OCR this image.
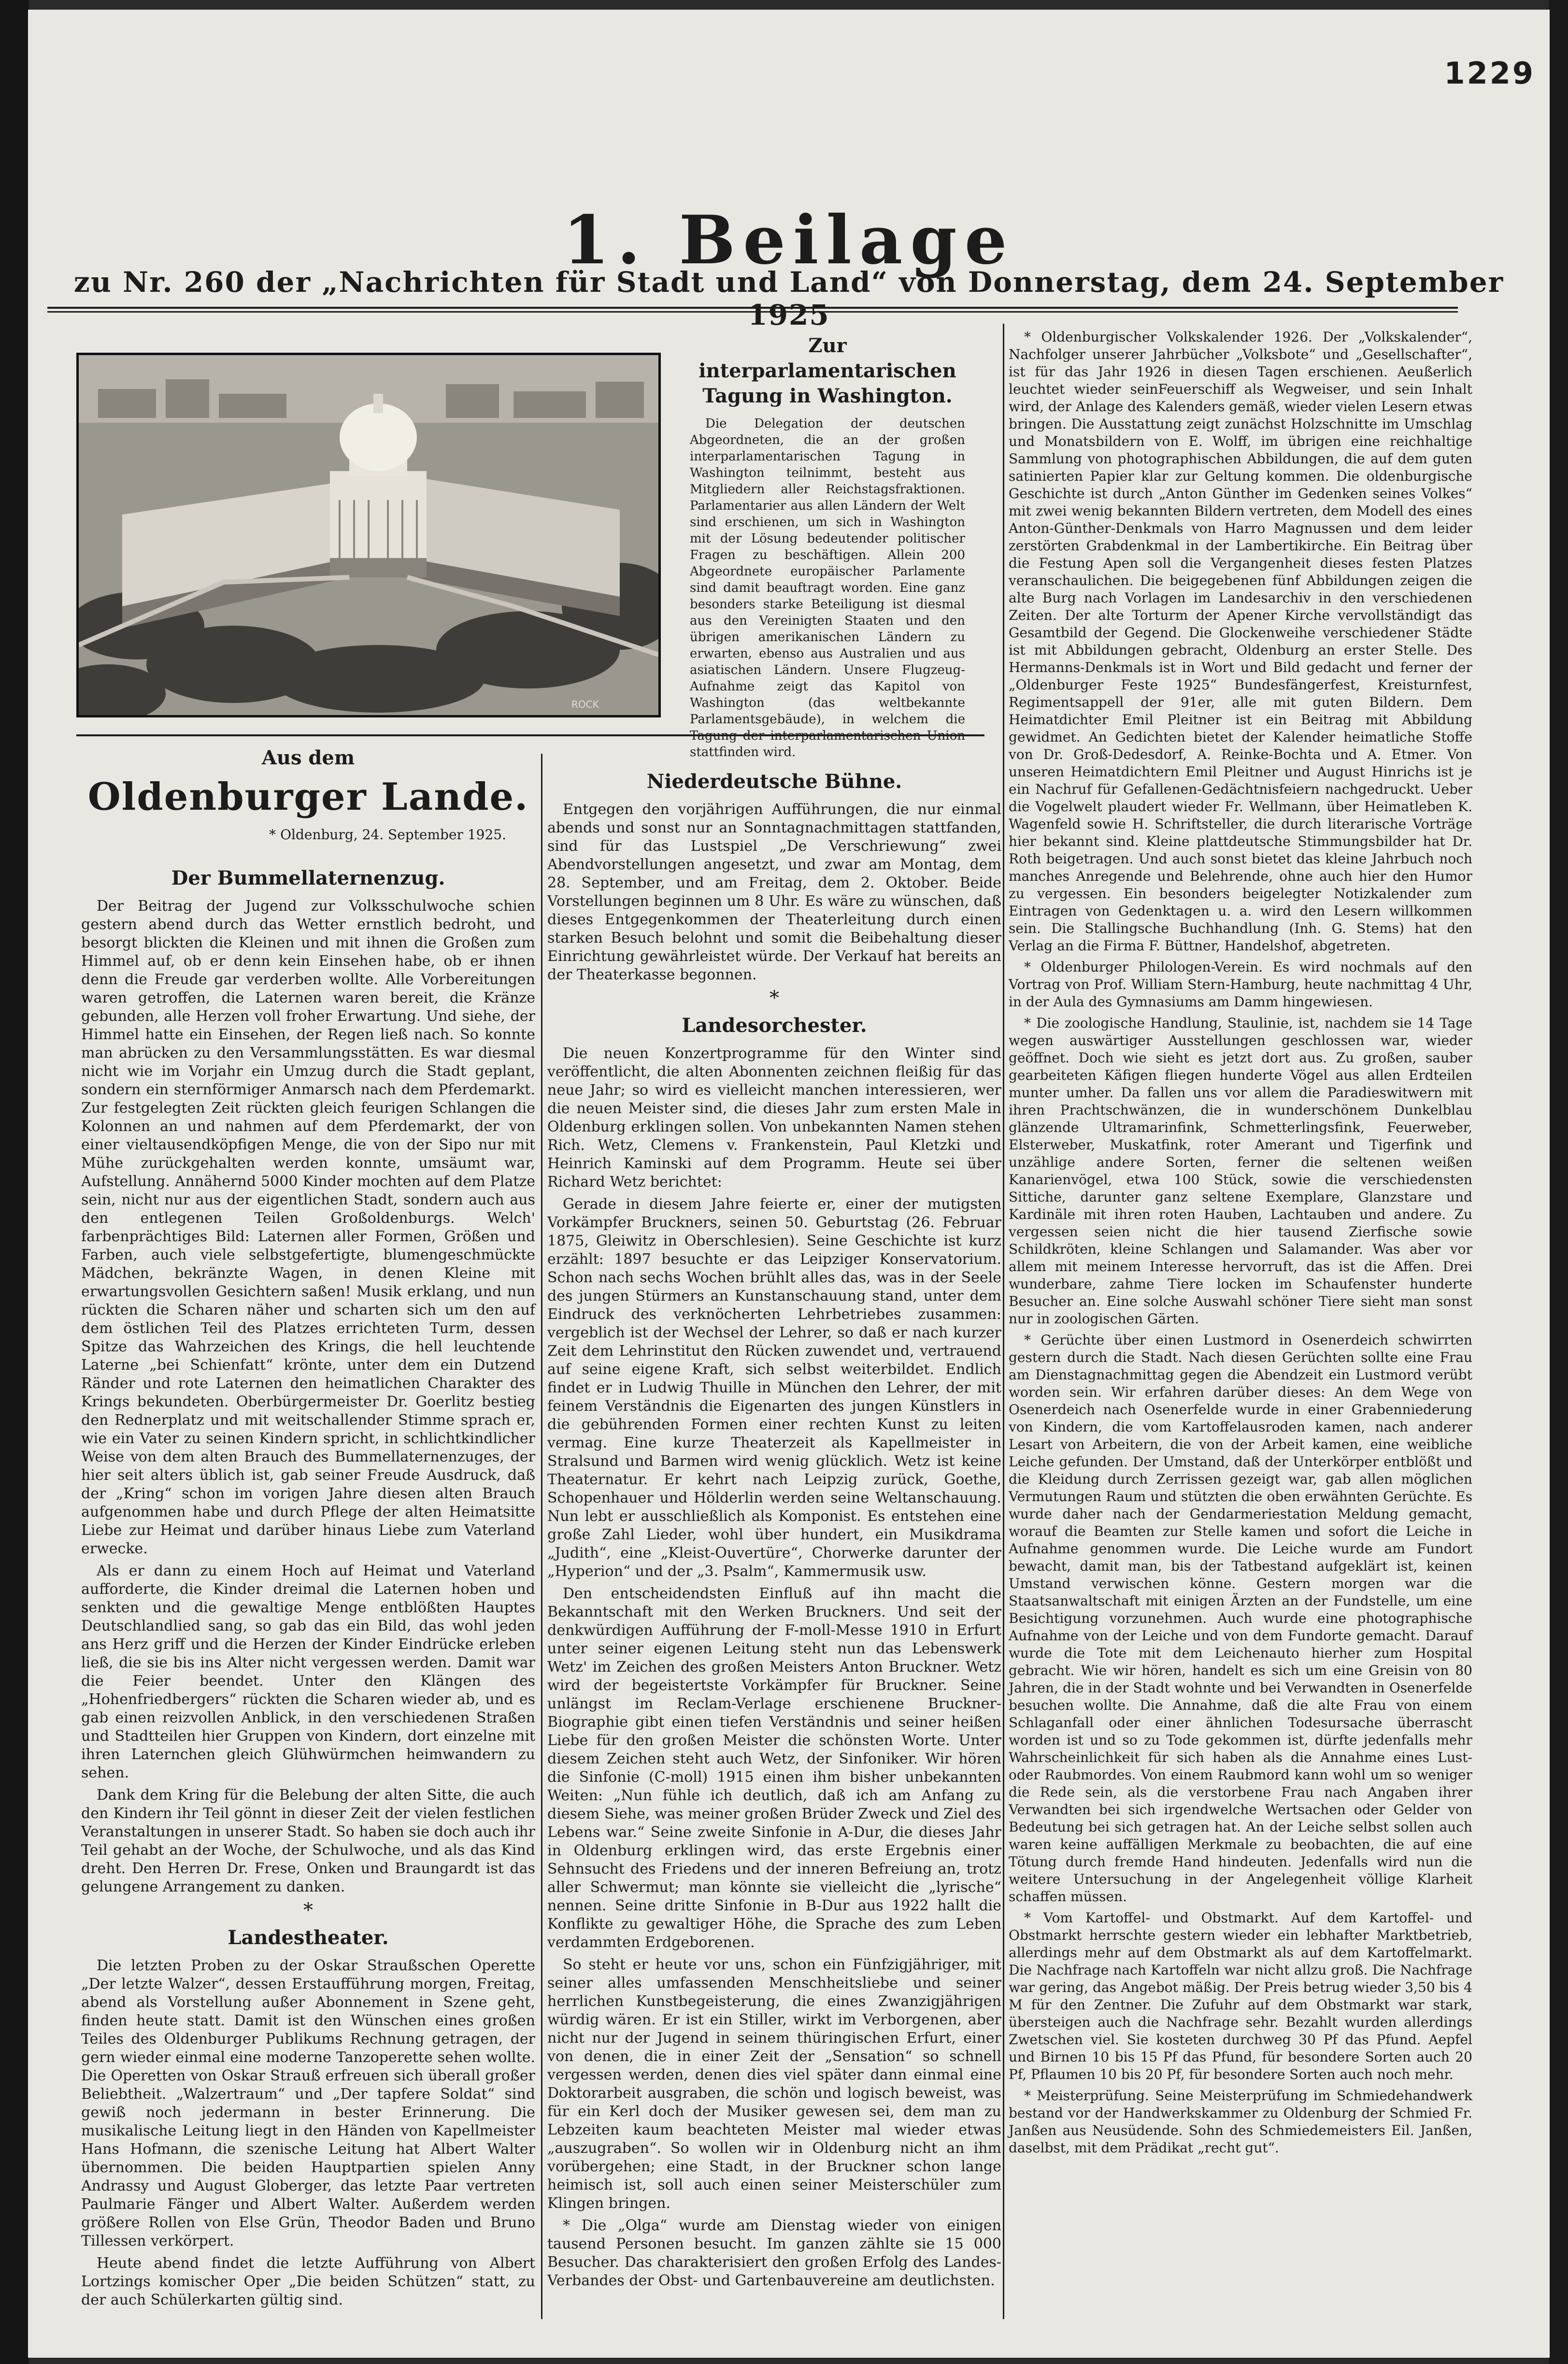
1229
1. Beilage
zu Nr. 260 der „Nachrichten für Stadt und Land“ von Donnerstag, dem 24. September 1925
ROCK
Zur interparlamentarischen Tagung in Washington.

Die Delegation der deutschen Abgeordneten, die an der großen interparlamentarischen Tagung in Washington teilnimmt, besteht aus Mitgliedern aller Reichstagsfraktionen. Parlamentarier aus allen Ländern der Welt sind erschienen, um sich in Washington mit der Lösung bedeutender politischer Fragen zu beschäftigen. Allein 200 Abgeordnete europäischer Parlamente sind damit beauftragt worden. Eine ganz besonders starke Beteiligung ist diesmal aus den Vereinigten Staaten und den übrigen amerikanischen Ländern zu erwarten, ebenso aus Australien und aus asiatischen Ländern. Unsere Flugzeug-Aufnahme zeigt das Kapitol von Washington (das weltbekannte Parlamentsgebäude), in welchem die stattfinden wird.

Aus dem
Oldenburger Lande.
* Oldenburg, 24. September 1925.
Der Bummellaternenzug.

Der Beitrag der Jugend zur Volksschulwoche schien gestern abend durch das Wetter ernstlich bedroht, und besorgt blickten die Kleinen und mit ihnen die Großen zum Himmel auf, ob er denn kein Einsehen habe, ob er ihnen denn die Freude gar verderben wollte. Alle Vorbereitungen waren getroffen, die Laternen waren bereit, die Kränze gebunden, alle Herzen voll froher Erwartung. Und siehe, der Himmel hatte ein Einsehen, der Regen ließ nach. So konnte man abrücken zu den Versammlungsstätten. Es war diesmal nicht wie im Vorjahr ein Umzug durch die Stadt geplant, sondern ein sternförmiger Anmarsch nach dem Pferdemarkt. Zur festgelegten Zeit rückten gleich feurigen Schlangen die Kolonnen an und nahmen auf dem Pferdemarkt, der von einer vieltausendköpfigen Menge, die von der Sipo nur mit Mühe zurückgehalten werden konnte, umsäumt war, Aufstellung. Annähernd 5000 Kinder mochten auf dem Platze sein, nicht nur aus der eigentlichen Stadt, sondern auch aus den entlegenen Teilen Großoldenburgs. Welch' farbenprächtiges Bild: Laternen aller Formen, Größen und Farben, auch viele selbstgefertigte, blumengeschmückte Mädchen, bekränzte Wagen, in denen Kleine mit erwartungsvollen Gesichtern saßen! Musik erklang, und nun rückten die Scharen näher und scharten sich um den auf dem östlichen Teil des Platzes errichteten Turm, dessen Spitze das Wahrzeichen des Krings, die hell leuchtende Laterne „bei Schienfatt“ krönte, unter dem ein Dutzend Ränder und rote Laternen den heimatlichen Charakter des Krings bekundeten. Oberbürgermeister Dr. Goerlitz bestieg den Rednerplatz und mit weitschallender Stimme sprach er, wie ein Vater zu seinen Kindern spricht, in schlichtkindlicher Weise von dem alten Brauch des Bummellaternenzuges, der hier seit alters üblich ist, gab seiner Freude Ausdruck, daß der „Kring“ schon im vorigen Jahre diesen alten Brauch aufgenommen habe und durch Pflege der alten Heimatsitte Liebe zur Heimat und darüber hinaus Liebe zum Vaterland erwecke.

Als er dann zu einem Hoch auf Heimat und Vaterland aufforderte, die Kinder dreimal die Laternen hoben und senkten und die gewaltige Menge entblößten Hauptes Deutschlandlied sang, so gab das ein Bild, das wohl jeden ans Herz griff und die Herzen der Kinder Eindrücke erleben ließ, die sie bis ins Alter nicht vergessen werden. Damit war die Feier beendet. Unter den Klängen des „Hohenfriedbergers“ rückten die Scharen wieder ab, und es gab einen reizvollen Anblick, in den verschiedenen Straßen und Stadtteilen hier Gruppen von Kindern, dort einzelne mit ihren Laternchen gleich Glühwürmchen heimwandern zu sehen.

Dank dem Kring für die Belebung der alten Sitte, die auch den Kindern ihr Teil gönnt in dieser Zeit der vielen festlichen Veranstaltungen in unserer Stadt. So haben sie doch auch ihr Teil gehabt an der Woche, der Schulwoche, und als das Kind dreht. Den Herren Dr. Frese, Onken und Braungardt ist das gelungene Arrangement zu danken.

*
Landestheater.

Die letzten Proben zu der Oskar Straußschen Operette „Der letzte Walzer“, dessen Erstaufführung morgen, Freitag, abend als Vorstellung außer Abonnement in Szene geht, finden heute statt. Damit ist den Wünschen eines großen Teiles des Oldenburger Publikums Rechnung getragen, der gern wieder einmal eine moderne Tanzoperette sehen wollte. Die Operetten von Oskar Strauß erfreuen sich überall großer Beliebtheit. „Walzertraum“ und „Der tapfere Soldat“ sind gewiß noch jedermann in bester Erinnerung. Die musikalische Leitung liegt in den Händen von Kapellmeister Hans Hofmann, die szenische Leitung hat Albert Walter übernommen. Die beiden Hauptpartien spielen Anny Andrassy und August Globerger, das letzte Paar vertreten Paulmarie Fänger und Albert Walter. Außerdem werden größere Rollen von Else Grün, Theodor Baden und Bruno Tillessen verkörpert.

Heute abend findet die letzte Aufführung von Albert Lortzings komischer Oper „Die beiden Schützen“ statt, zu der auch Schülerkarten gültig sind.

Niederdeutsche Bühne.

Entgegen den vorjährigen Aufführungen, die nur einmal abends und sonst nur an Sonntagnachmittagen stattfanden, sind für das Lustspiel „De Verschriewung“ zwei Abendvorstellungen angesetzt, und zwar am Montag, dem 28. September, und am Freitag, dem 2. Oktober. Beide Vorstellungen beginnen um 8 Uhr. Es wäre zu wünschen, daß dieses Entgegenkommen der Theaterleitung durch einen starken Besuch belohnt und somit die Beibehaltung dieser Einrichtung gewährleistet würde. Der Verkauf hat bereits an der Theaterkasse begonnen.

*
Landesorchester.

Die neuen Konzertprogramme für den Winter sind veröffentlicht, die alten Abonnenten zeichnen fleißig für das neue Jahr; so wird es vielleicht manchen interessieren, wer die neuen Meister sind, die dieses Jahr zum ersten Male in Oldenburg erklingen sollen. Von unbekannten Namen stehen Rich. Wetz, Clemens v. Frankenstein, Paul Kletzki und Heinrich Kaminski auf dem Programm. Heute sei über Richard Wetz berichtet:

Gerade in diesem Jahre feierte er, einer der mutigsten Vorkämpfer Bruckners, seinen 50. Geburtstag (26. Februar 1875, Gleiwitz in Oberschlesien). Seine Geschichte ist kurz erzählt: 1897 besuchte er das Leipziger Konservatorium. Schon nach sechs Wochen brühlt alles das, was in der Seele des jungen Stürmers an Kunstanschauung stand, unter dem Eindruck des verknöcherten Lehrbetriebes zusammen: vergeblich ist der Wechsel der Lehrer, so daß er nach kurzer Zeit dem Lehrinstitut den Rücken zuwendet und, vertrauend auf seine eigene Kraft, sich selbst weiterbildet. Endlich findet er in Ludwig Thuille in München den Lehrer, der mit feinem Verständnis die Eigenarten des jungen Künstlers in die gebührenden Formen einer rechten Kunst zu leiten vermag. Eine kurze Theaterzeit als Kapellmeister in Stralsund und Barmen wird wenig glücklich. Wetz ist keine Theaternatur. Er kehrt nach Leipzig zurück, Goethe, Schopenhauer und Hölderlin werden seine Weltanschauung. Nun lebt er ausschließlich als Komponist. Es entstehen eine große Zahl Lieder, wohl über hundert, ein Musikdrama „Judith“, eine „Kleist-Ouvertüre“, Chorwerke darunter der „Hyperion“ und der „3. Psalm“, Kammermusik usw.

Den entscheidendsten Einfluß auf ihn macht die Bekanntschaft mit den Werken Bruckners. Und seit der denkwürdigen Aufführung der F-moll-Messe 1910 in Erfurt unter seiner eigenen Leitung steht nun das Lebenswerk Wetz' im Zeichen des großen Meisters Anton Bruckner. Wetz wird der begeistertste Vorkämpfer für Bruckner. Seine unlängst im Reclam-Verlage erschienene Bruckner-Biographie gibt einen tiefen Verständnis und seiner heißen Liebe für den großen Meister die schönsten Worte. Unter diesem Zeichen steht auch Wetz, der Sinfoniker. Wir hören die Sinfonie (C-moll) 1915 einen ihm bisher unbekannten Weiten: „Nun fühle ich deutlich, daß ich am Anfang zu diesem Siehe, was meiner großen Brüder Zweck und Ziel des Lebens war.“ Seine zweite Sinfonie in A-Dur, die dieses Jahr in Oldenburg erklingen wird, das erste Ergebnis einer Sehnsucht des Friedens und der inneren Befreiung an, trotz aller Schwermut; man könnte sie vielleicht die „lyrische“ nennen. Seine dritte Sinfonie in B-Dur aus 1922 hallt die Konflikte zu gewaltiger Höhe, die Sprache des zum Leben verdammten Erdgeborenen.

So steht er heute vor uns, schon ein Fünfzigjähriger, mit seiner alles umfassenden Menschheitsliebe und seiner herrlichen Kunstbegeisterung, die eines Zwanzigjährigen würdig wären. Er ist ein Stiller, wirkt im Verborgenen, aber nicht nur der Jugend in seinem thüringischen Erfurt, einer von denen, die in einer Zeit der „Sensation“ so schnell vergessen werden, denen dies viel später dann einmal eine Doktorarbeit ausgraben, die schön und logisch beweist, was für ein Kerl doch der Musiker gewesen sei, dem man zu Lebzeiten kaum beachteten Meister mal wieder etwas „auszugraben“. So wollen wir in Oldenburg nicht an ihm vorübergehen; eine Stadt, in der Bruckner schon lange heimisch ist, soll auch einen seiner Meisterschüler zum Klingen bringen.

* Die „Olga“ wurde am Dienstag wieder von einigen tausend Personen besucht. Im ganzen zählte sie 15 000 Besucher. Das charakterisiert den großen Erfolg des Landes-Verbandes der Obst- und Gartenbauvereine am deutlichsten.

* Oldenburgischer Volkskalender 1926. Der „Volkskalender“, Nachfolger unserer Jahrbücher „Volksbote“ und „Gesellschafter“, ist für das Jahr 1926 in diesen Tagen erschienen. Aeußerlich leuchtet wieder seinFeuerschiff als Wegweiser, und sein Inhalt wird, der Anlage des Kalenders gemäß, wieder vielen Lesern etwas bringen. Die Ausstattung zeigt zunächst Holzschnitte im Umschlag und Monatsbildern von E. Wolff, im übrigen eine reichhaltige Sammlung von photographischen Abbildungen, die auf dem guten satinierten Papier klar zur Geltung kommen. Die oldenburgische Geschichte ist durch „Anton Günther im Gedenken seines Volkes“ mit zwei wenig bekannten Bildern vertreten, dem Modell des eines Anton-Günther-Denkmals von Harro Magnussen und dem leider zerstörten Grabdenkmal in der Lambertikirche. Ein Beitrag über die Festung Apen soll die Vergangenheit dieses festen Platzes veranschaulichen. Die beigegebenen fünf Abbildungen zeigen die alte Burg nach Vorlagen im Landesarchiv in den verschiedenen Zeiten. Der alte Torturm der Apener Kirche vervollständigt das Gesamtbild der Gegend. Die Glockenweihe verschiedener Städte ist mit Abbildungen gebracht, Oldenburg an erster Stelle. Des Hermanns-Denkmals ist in Wort und Bild gedacht und ferner der „Oldenburger Feste 1925“ Bundesfängerfest, Kreisturnfest, Regimentsappell der 91er, alle mit guten Bildern. Dem Heimatdichter Emil Pleitner ist ein Beitrag mit Abbildung gewidmet. An Gedichten bietet der Kalender heimatliche Stoffe von Dr. Groß-Dedesdorf, A. Reinke-Bochta und A. Etmer. Von unseren Heimatdichtern Emil Pleitner und August Hinrichs ist je ein Nachruf für Gefallenen-Gedächtnisfeiern nachgedruckt. Ueber die Vogelwelt plaudert wieder Fr. Wellmann, über Heimatleben K. Wagenfeld sowie H. Schriftsteller, die durch literarische Vorträge hier bekannt sind. Kleine plattdeutsche Stimmungsbilder hat Dr. Roth beigetragen. Und auch sonst bietet das kleine Jahrbuch noch manches Anregende und Belehrende, ohne auch hier den Humor zu vergessen. Ein besonders beigelegter Notizkalender zum Eintragen von Gedenktagen u. a. wird den Lesern willkommen sein. Die Stallingsche Buchhandlung (Inh. G. Stems) hat den Verlag an die Firma F. Büttner, Handelshof, abgetreten.

* Oldenburger Philologen-Verein. Es wird nochmals auf den Vortrag von Prof. William Stern-Hamburg, heute nachmittag 4 Uhr, in der Aula des Gymnasiums am Damm hingewiesen.

* Die zoologische Handlung, Staulinie, ist, nachdem sie 14 Tage wegen auswärtiger Ausstellungen geschlossen war, wieder geöffnet. Doch wie sieht es jetzt dort aus. Zu großen, sauber gearbeiteten Käfigen fliegen hunderte Vögel aus allen Erdteilen munter umher. Da fallen uns vor allem die Paradieswitwern mit ihren Prachtschwänzen, die in wunderschönem Dunkelblau glänzende Ultramarinfink, Schmetterlingsfink, Feuerweber, Elsterweber, Muskatfink, roter Amerant und Tigerfink und unzählige andere Sorten, ferner die seltenen weißen Kanarienvögel, etwa 100 Stück, sowie die verschiedensten Sittiche, darunter ganz seltene Exemplare, Glanzstare und Kardinäle mit ihren roten Hauben, Lachtauben und andere. Zu vergessen seien nicht die hier tausend Zierfische sowie Schildkröten, kleine Schlangen und Salamander. Was aber vor allem mit meinem Interesse hervorruft, das ist die Affen. Drei wunderbare, zahme Tiere locken im Schaufenster hunderte Besucher an. Eine solche Auswahl schöner Tiere sieht man sonst nur in zoologischen Gärten.

* Gerüchte über einen Lustmord in Osenerdeich schwirrten gestern durch die Stadt. Nach diesen Gerüchten sollte eine Frau am Dienstagnachmittag gegen die Abendzeit ein Lustmord verübt worden sein. Wir erfahren darüber dieses: An dem Wege von Osenerdeich nach Osenerfelde wurde in einer Grabenniederung von Kindern, die vom Kartoffelausroden kamen, nach anderer Lesart von Arbeitern, die von der Arbeit kamen, eine weibliche Leiche gefunden. Der Umstand, daß der Unterkörper entblößt und die Kleidung durch Zerrissen gezeigt war, gab allen möglichen Vermutungen Raum und stützten die oben erwähnten Gerüchte. Es wurde daher nach der Gendarmeriestation Meldung gemacht, worauf die Beamten zur Stelle kamen und sofort die Leiche in Aufnahme genommen wurde. Die Leiche wurde am Fundort bewacht, damit man, bis der Tatbestand aufgeklärt ist, keinen Umstand verwischen könne. Gestern morgen war die Staatsanwaltschaft mit einigen Ärzten an der Fundstelle, um eine Besichtigung vorzunehmen. Auch wurde eine photographische Aufnahme von der Leiche und von dem Fundorte gemacht. Darauf wurde die Tote mit dem Leichenauto hierher zum Hospital gebracht. Wie wir hören, handelt es sich um eine Greisin von 80 Jahren, die in der Stadt wohnte und bei Verwandten in Osenerfelde besuchen wollte. Die Annahme, daß die alte Frau von einem Schlaganfall oder einer ähnlichen Todesursache überrascht worden ist und so zu Tode gekommen ist, dürfte jedenfalls mehr Wahrscheinlichkeit für sich haben als die Annahme eines Lust- oder Raubmordes. Von einem Raubmord kann wohl um so weniger die Rede sein, als die verstorbene Frau nach Angaben ihrer Verwandten bei sich irgendwelche Wertsachen oder Gelder von Bedeutung bei sich getragen hat. An der Leiche selbst sollen auch waren keine auffälligen Merkmale zu beobachten, die auf eine Tötung durch fremde Hand hindeuten. Jedenfalls wird nun die weitere Untersuchung in der Angelegenheit völlige Klarheit schaffen müssen.

* Vom Kartoffel- und Obstmarkt. Auf dem Kartoffel- und Obstmarkt herrschte gestern wieder ein lebhafter Marktbetrieb, allerdings mehr auf dem Obstmarkt als auf dem Kartoffelmarkt. Die Nachfrage nach Kartoffeln war nicht allzu groß. Die Nachfrage war gering, das Angebot mäßig. Der Preis betrug wieder 3,50 bis 4 M für den Zentner. Die Zufuhr auf dem Obstmarkt war stark, übersteigen auch die Nachfrage sehr. Bezahlt wurden allerdings Zwetschen viel. Sie kosteten durchweg 30 Pf das Pfund. Aepfel und Birnen 10 bis 15 Pf das Pfund, für besondere Sorten auch 20 Pf, Pflaumen 10 bis 20 Pf, für besondere Sorten auch noch mehr.

* Meisterprüfung. Seine Meisterprüfung im Schmiedehandwerk bestand vor der Handwerkskammer zu Oldenburg der Schmied Fr. Janßen aus Neusüdende. Sohn des Schmiedemeisters Eil. Janßen, daselbst, mit dem Prädikat „recht gut“.
